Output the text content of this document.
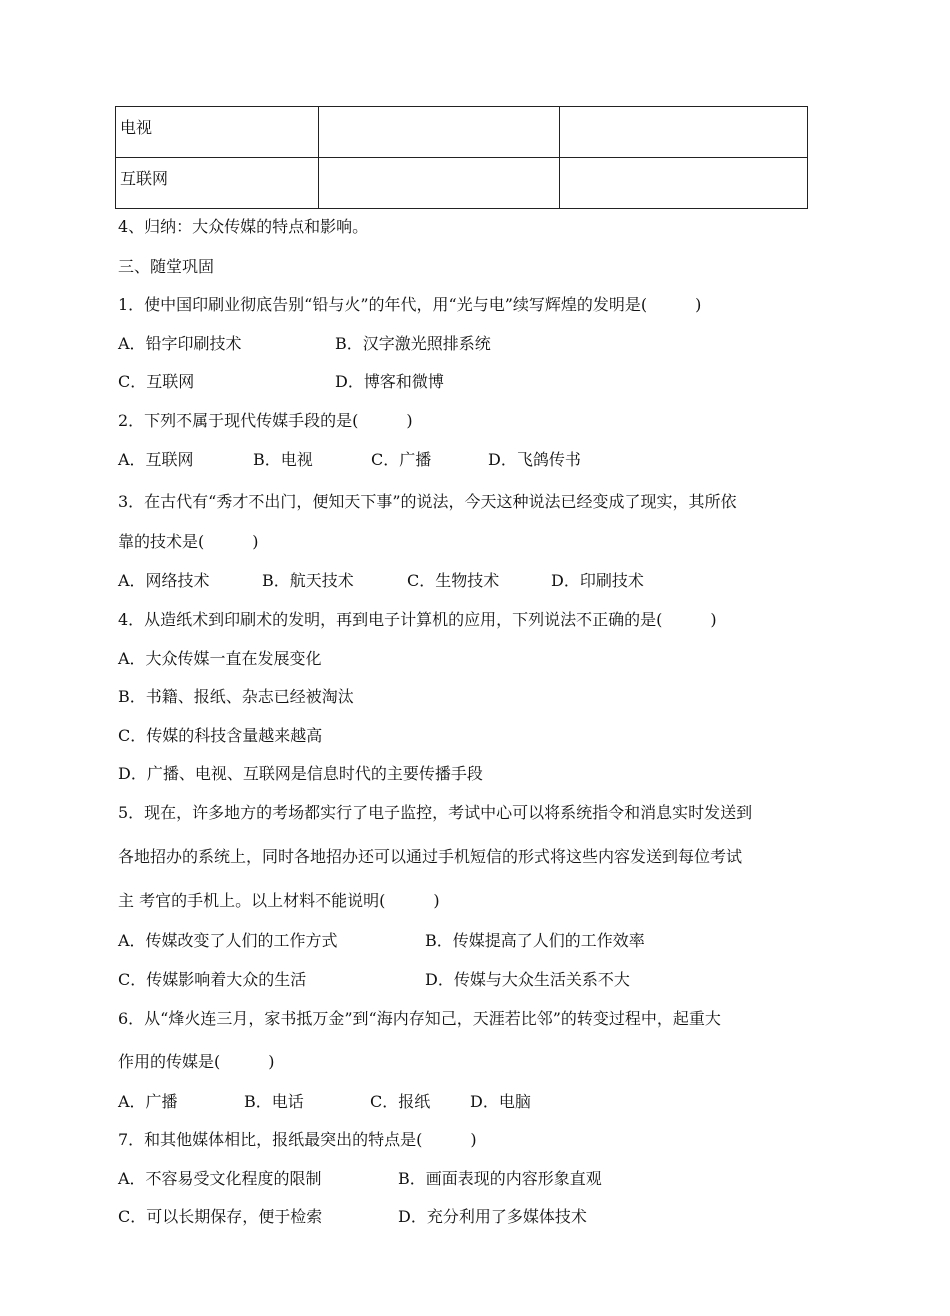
电视		
互联网		
4、归纳：大众传媒的特点和影响。
三、随堂巩固
1．使中国印刷业彻底告别“铅与火”的年代，用“光与电”续写辉煌的发明是(　　　)
A．铅字印刷技术	B．汉字激光照排系统
C．互联网	D．博客和微博
2．下列不属于现代传媒手段的是(　　　)
A．互联网	B．电视	C．广播	D．飞鸽传书
3．在古代有“秀才不出门，便知天下事”的说法，今天这种说法已经变成了现实，其所依
靠的技术是(　　　)
A．网络技术	B．航天技术	C．生物技术	D．印刷技术
4．从造纸术到印刷术的发明，再到电子计算机的应用，下列说法不正确的是(　　　)
A．大众传媒一直在发展变化
B．书籍、报纸、杂志已经被淘汰
C．传媒的科技含量越来越高
D．广播、电视、互联网是信息时代的主要传播手段
5．现在，许多地方的考场都实行了电子监控，考试中心可以将系统指令和消息实时发送到
各地招办的系统上，同时各地招办还可以通过手机短信的形式将这些内容发送到每位考试
主 考官的手机上。以上材料不能说明(　　　)
A．传媒改变了人们的工作方式	B．传媒提高了人们的工作效率
C．传媒影响着大众的生活	D．传媒与大众生活关系不大
6．从“烽火连三月，家书抵万金”到“海内存知己，天涯若比邻”的转变过程中，起重大
作用的传媒是(　　　)
A．广播	B．电话	C．报纸 D．电脑
7．和其他媒体相比，报纸最突出的特点是(　　　)
A．不容易受文化程度的限制	B．画面表现的内容形象直观
C．可以长期保存，便于检索	D．充分利用了多媒体技术
